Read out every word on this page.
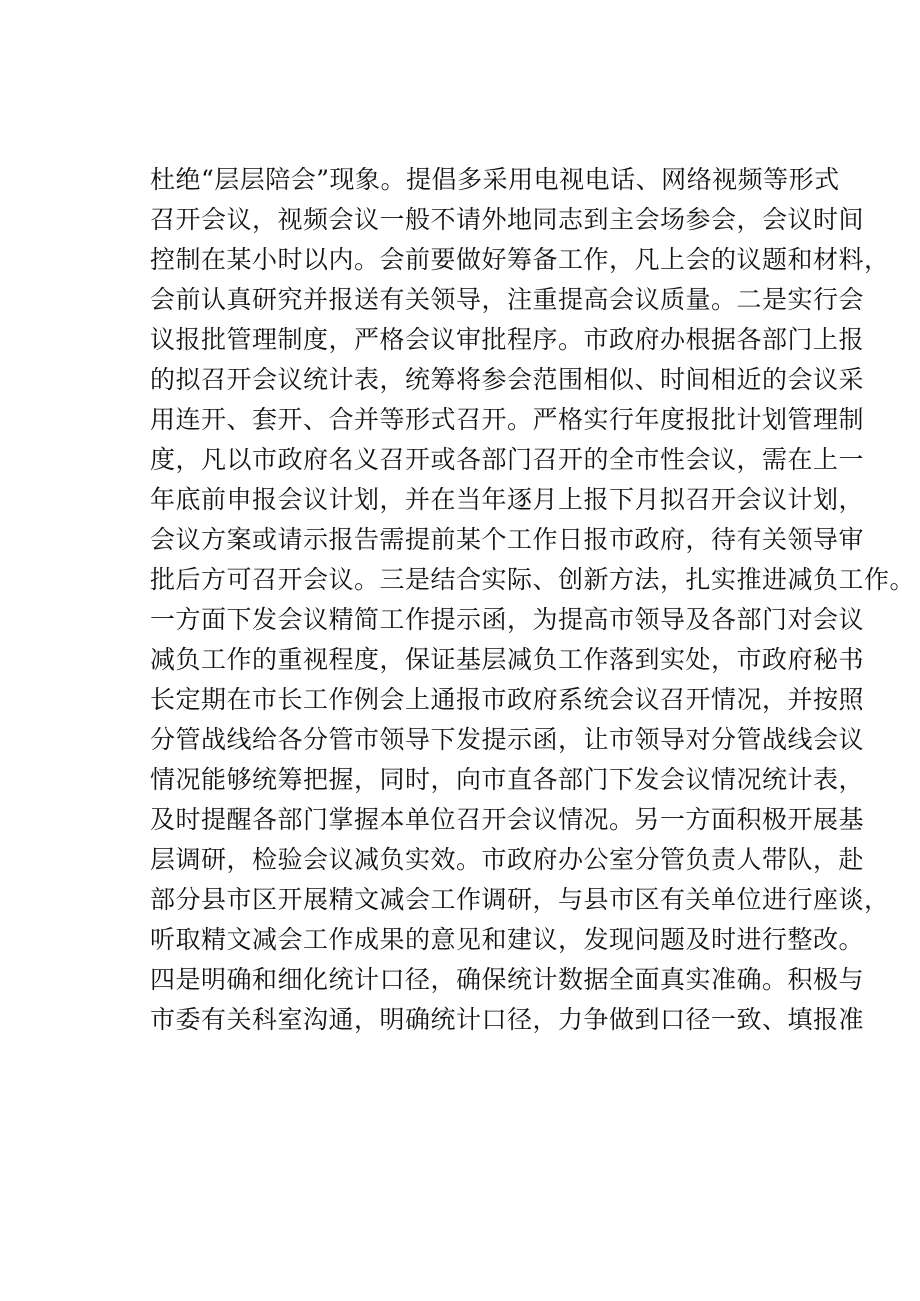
杜绝“层层陪会”现象。提倡多采用电视电话、网络视频等形式
召开会议，视频会议一般不请外地同志到主会场参会，会议时间
控制在某小时以内。会前要做好筹备工作，凡上会的议题和材料，
会前认真研究并报送有关领导，注重提高会议质量。二是实行会
议报批管理制度，严格会议审批程序。市政府办根据各部门上报
的拟召开会议统计表，统筹将参会范围相似、时间相近的会议采
用连开、套开、合并等形式召开。严格实行年度报批计划管理制
度，凡以市政府名义召开或各部门召开的全市性会议，需在上一
年底前申报会议计划，并在当年逐月上报下月拟召开会议计划，
会议方案或请示报告需提前某个工作日报市政府，待有关领导审
批后方可召开会议。三是结合实际、创新方法，扎实推进减负工作。
一方面下发会议精简工作提示函，为提高市领导及各部门对会议
减负工作的重视程度，保证基层减负工作落到实处，市政府秘书
长定期在市长工作例会上通报市政府系统会议召开情况，并按照
分管战线给各分管市领导下发提示函，让市领导对分管战线会议
情况能够统筹把握，同时，向市直各部门下发会议情况统计表，
及时提醒各部门掌握本单位召开会议情况。另一方面积极开展基
层调研，检验会议减负实效。市政府办公室分管负责人带队，赴
部分县市区开展精文减会工作调研，与县市区有关单位进行座谈，
听取精文减会工作成果的意见和建议，发现问题及时进行整改。
四是明确和细化统计口径，确保统计数据全面真实准确。积极与
市委有关科室沟通，明确统计口径，力争做到口径一致、填报准
